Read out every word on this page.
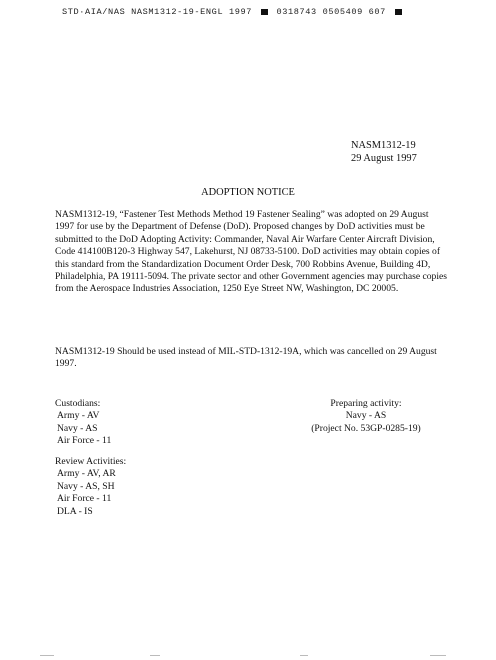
STD·AIA/NAS NASM1312-19-ENGL 1997	0318743 0505409 607
NASM1312-19
29 August 1997
ADOPTION NOTICE

NASM1312-19, “Fastener Test Methods Method 19 Fastener Sealing” was adopted on 29 August 1997 for use by the Department of Defense (DoD). Proposed changes by DoD activities must be submitted to the DoD Adopting Activity: Commander, Naval Air Warfare Center Aircraft Division, Code 414100B120-3 Highway 547, Lakehurst, NJ 08733-5100. DoD activities may obtain copies of this standard from the Standardization Document Order Desk, 700 Robbins Avenue, Building 4D, Philadelphia, PA 19111-5094. The private sector and other Government agencies may purchase copies from the Aerospace Industries Association, 1250 Eye Street NW, Washington, DC 20005.

NASM1312-19 Should be used instead of MIL-STD-1312-19A, which was cancelled on 29 August 1997.

Custodians:
Army - AV
Navy - AS
Air Force - 11
Review Activities:
Army - AV, AR
Navy - AS, SH
Air Force - 11
DLA - IS
Preparing activity:
Navy - AS
(Project No. 53GP-0285-19)
